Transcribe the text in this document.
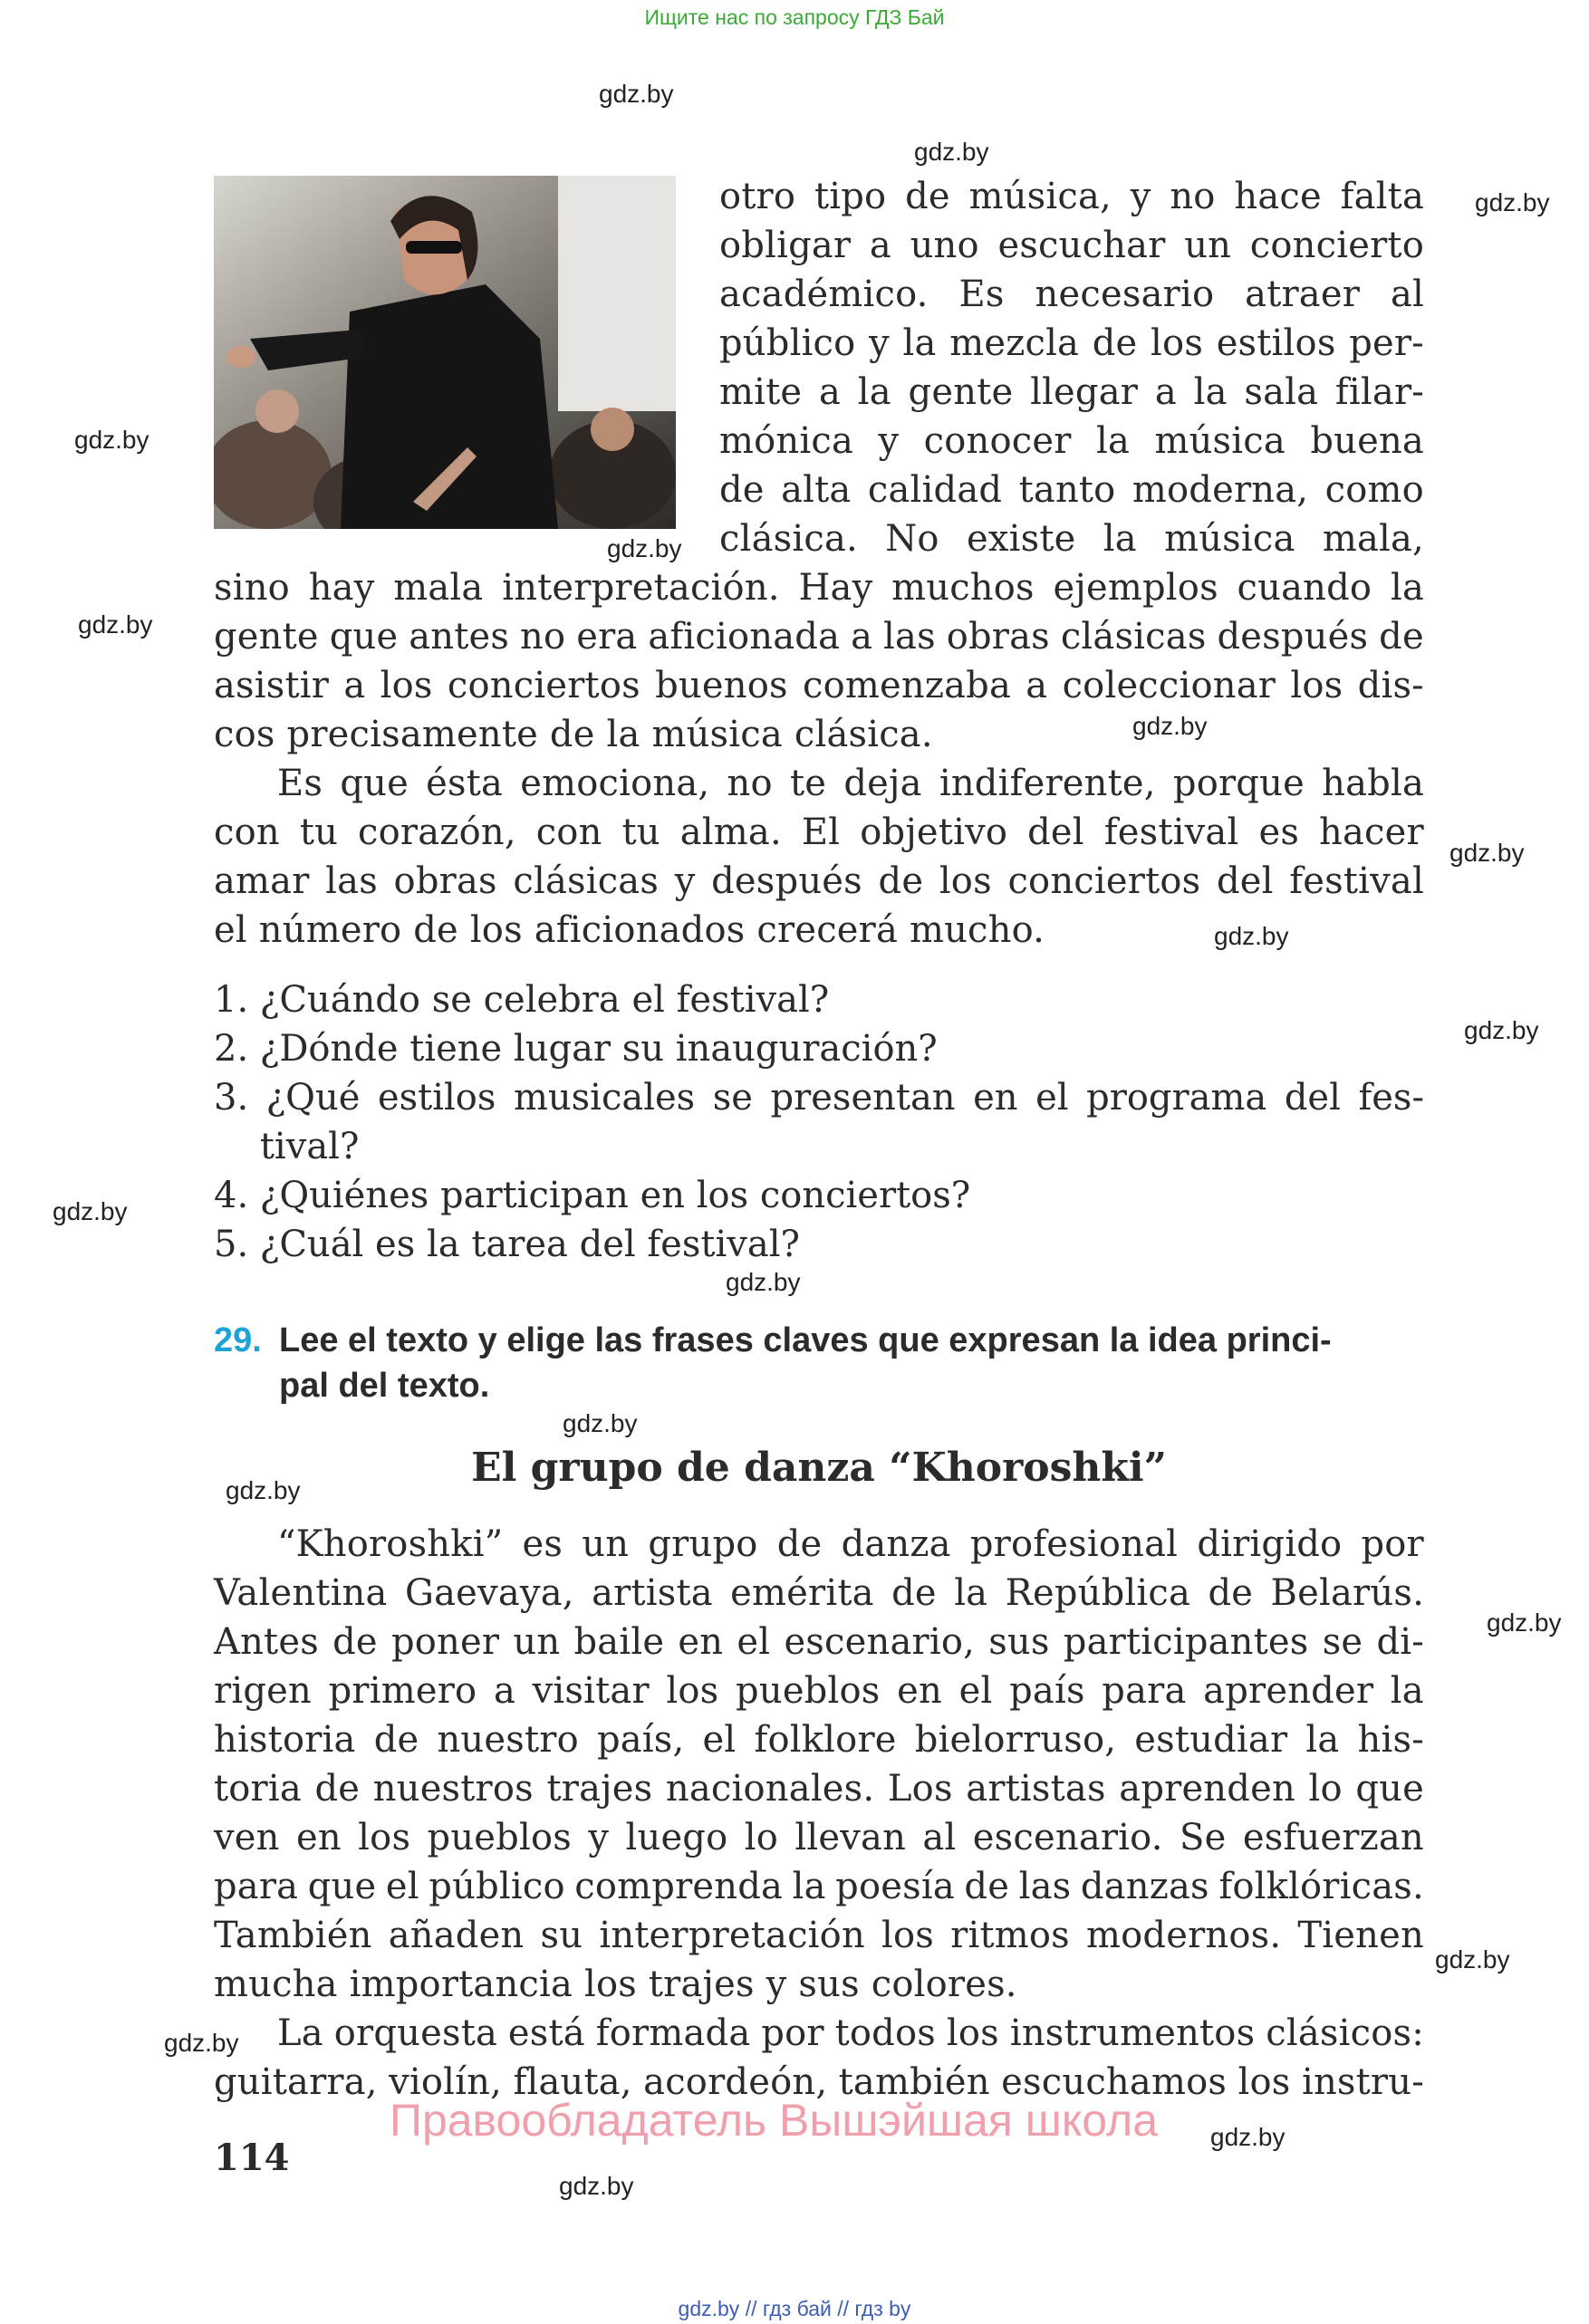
Ищите нас по запросу ГДЗ Бай
otro tipo de música, y no hace falta
obligar a uno escuchar un concierto
académico. Es necesario atraer al
público y la mezcla de los estilos per-
mite a la gente llegar a la sala filar-
mónica y conocer la música buena
de alta calidad tanto moderna, como
clásica. No existe la música mala,
sino hay mala interpretación. Hay muchos ejemplos cuando la
gente que antes no era aficionada a las obras clásicas después de
asistir a los conciertos buenos comenzaba a coleccionar los dis-
cos precisamente de la música clásica.
Es que ésta emociona, no te deja indiferente, porque habla
con tu corazón, con tu alma. El objetivo del festival es hacer
amar las obras clásicas y después de los conciertos del festival
el número de los aficionados crecerá mucho.
1. ¿Cuándo se celebra el festival?
2. ¿Dónde tiene lugar su inauguración?
3. ¿Qué estilos musicales se presentan en el programa del fes-
tival?
4. ¿Quiénes participan en los conciertos?
5. ¿Cuál es la tarea del festival?
29. Lee el texto y elige las frases claves que expresan la idea princi-
pal del texto.
El grupo de danza “Khoroshki”
“Khoroshki” es un grupo de danza profesional dirigido por
Valentina Gaevaya, artista emérita de la República de Belarús.
Antes de poner un baile en el escenario, sus participantes se di-
rigen primero a visitar los pueblos en el país para aprender la
historia de nuestro país, el folklore bielorruso, estudiar la his-
toria de nuestros trajes nacionales. Los artistas aprenden lo que
ven en los pueblos y luego lo llevan al escenario. Se esfuerzan
para que el público comprenda la poesía de las danzas folklóricas.
También añaden su interpretación los ritmos modernos. Tienen
mucha importancia los trajes y sus colores.
La orquesta está formada por todos los instrumentos clásicos:
guitarra, violín, flauta, acordeón, también escuchamos los instru-
Правообладатель Вышэйшая школа
114
gdz.by
gdz.by
gdz.by
gdz.by
gdz.by
gdz.by
gdz.by
gdz.by
gdz.by
gdz.by
gdz.by
gdz.by
gdz.by
gdz.by
gdz.by
gdz.by
gdz.by
gdz.by
gdz.by
gdz.by // гдз бай // гдз by
